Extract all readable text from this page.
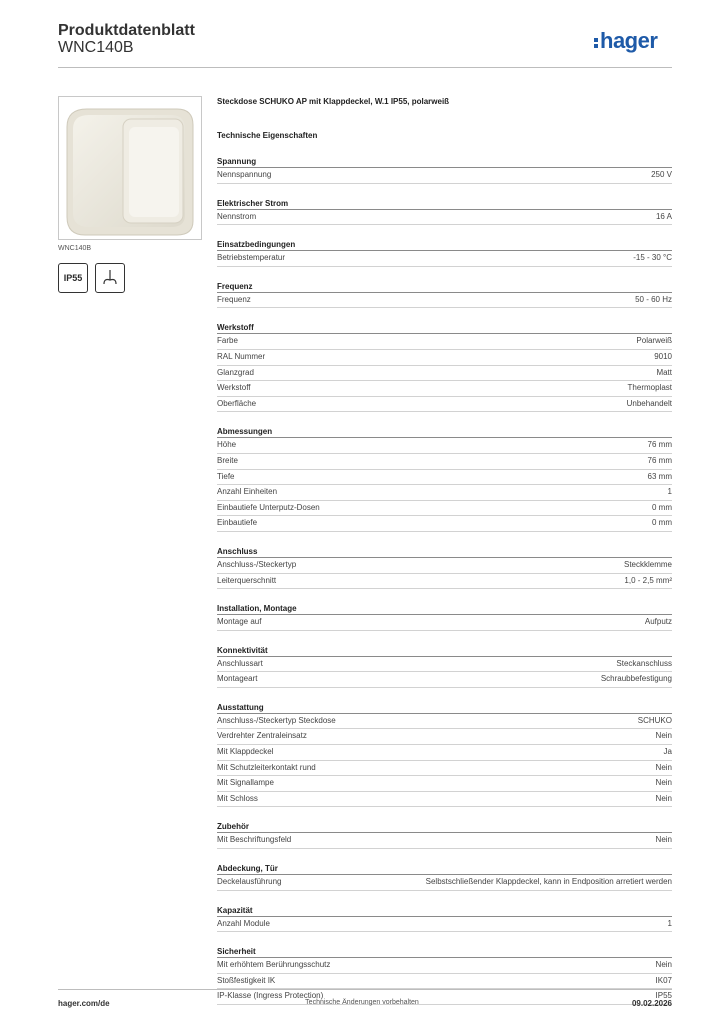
Produktdatenblatt
WNC140B	hager
WNC140B
IP55
Steckdose SCHUKO AP mit Klappdeckel, W.1 IP55, polarweiß
Technische Eigenschaften
Spannung
Nennspannung	250 V
Elektrischer Strom
Nennstrom	16 A
Einsatzbedingungen
Betriebstemperatur	-15 - 30 °C
Frequenz
Frequenz	50 - 60 Hz
Werkstoff
Farbe	Polarweiß
RAL Nummer	9010
Glanzgrad	Matt
Werkstoff	Thermoplast
Oberfläche	Unbehandelt
Abmessungen
Höhe	76 mm
Breite	76 mm
Tiefe	63 mm
Anzahl Einheiten	1
Einbautiefe Unterputz-Dosen	0 mm
Einbautiefe	0 mm
Anschluss
Anschluss-/Steckertyp	Steckklemme
Leiterquerschnitt	1,0 - 2,5 mm²
Installation, Montage
Montage auf	Aufputz
Konnektivität
Anschlussart	Steckanschluss
Montageart	Schraubbefestigung
Ausstattung
Anschluss-/Steckertyp Steckdose	SCHUKO
Verdrehter Zentraleinsatz	Nein
Mit Klappdeckel	Ja
Mit Schutzleiterkontakt rund	Nein
Mit Signallampe	Nein
Mit Schloss	Nein
Zubehör
Mit Beschriftungsfeld	Nein
Abdeckung, Tür
Deckelausführung	Selbstschließender Klappdeckel, kann in Endposition arretiert werden
Kapazität
Anzahl Module	1
Sicherheit
Mit erhöhtem Berührungsschutz	Nein
Stoßfestigkeit IK	IK07
IP-Klasse (Ingress Protection)	IP55
hager.com/de	Technische Änderungen vorbehalten	09.02.2026
